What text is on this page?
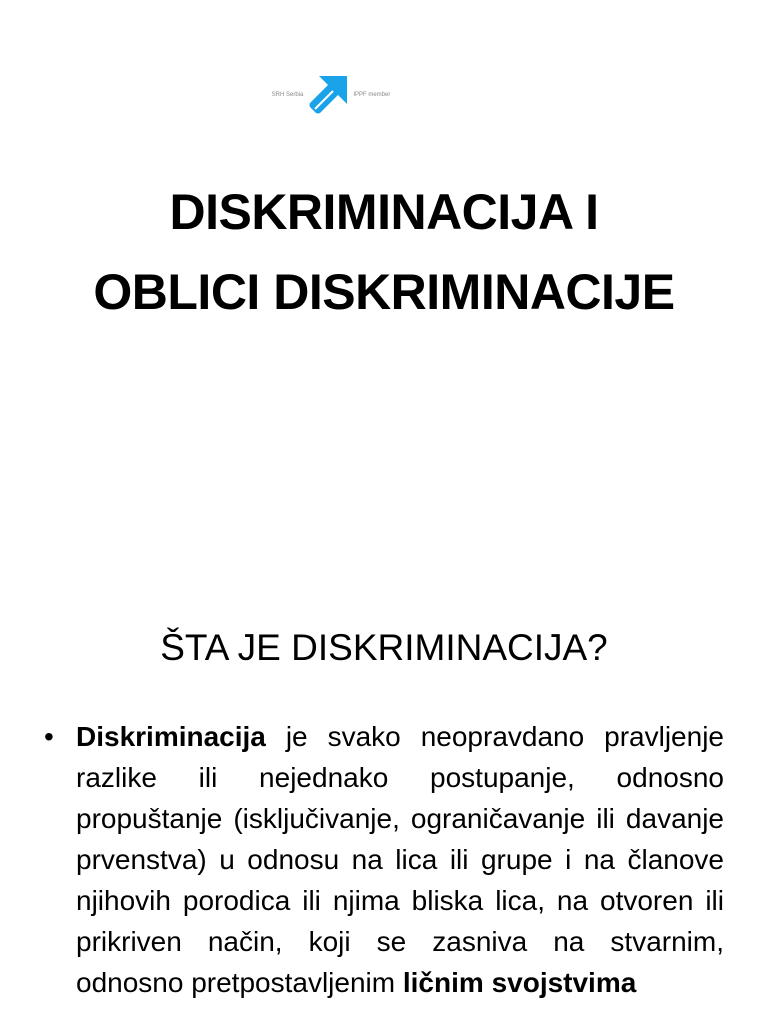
SRH Serbia	IPPF member
DISKRIMINACIJA I
OBLICI DISKRIMINACIJE
ŠTA JE DISKRIMINACIJA?
• Diskriminacija je svako neopravdano pravljenje razlike ili nejednako postupanje, odnosno propuštanje (isključivanje, ograničavanje ili davanje prvenstva) u odnosu na lica ili grupe i na članove njihovih porodica ili njima bliska lica, na otvoren ili prikriven način, koji se zasniva na stvarnim, odnosno pretpostavljenim ličnim svojstvima
